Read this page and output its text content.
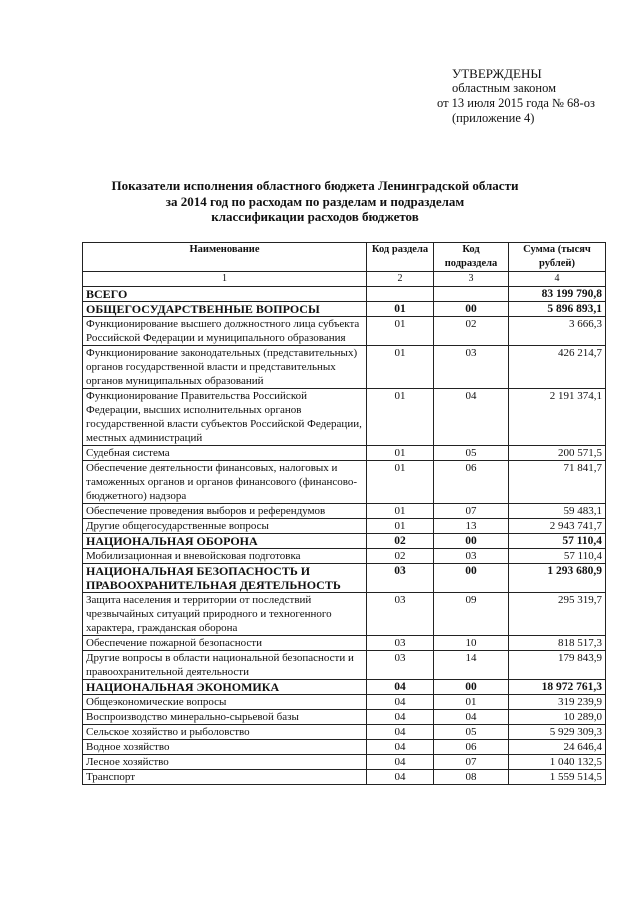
УТВЕРЖДЕНЫ
областным законом
от 13 июля 2015 года № 68-оз
(приложение 4)
Показатели исполнения областного бюджета Ленинградской области
за 2014 год по расходам по разделам и подразделам
классификации расходов бюджетов
Наименование	Код раздела	Код подраздела	Сумма (тысяч рублей)
1	2	3	4
ВСЕГО			83 199 790,8
ОБЩЕГОСУДАРСТВЕННЫЕ ВОПРОСЫ	01	00	5 896 893,1
Функционирование высшего должностного лица субъекта Российской Федерации и муниципального образования	01	02	3 666,3
Функционирование законодательных (представительных) органов государственной власти и представительных органов муниципальных образований	01	03	426 214,7
Функционирование Правительства Российской Федерации, высших исполнительных органов государственной власти субъектов Российской Федерации, местных администраций	01	04	2 191 374,1
Судебная система	01	05	200 571,5
Обеспечение деятельности финансовых, налоговых и таможенных органов и органов финансового (финансово-бюджетного) надзора	01	06	71 841,7
Обеспечение проведения выборов и референдумов	01	07	59 483,1
Другие общегосударственные вопросы	01	13	2 943 741,7
НАЦИОНАЛЬНАЯ ОБОРОНА	02	00	57 110,4
Мобилизационная и вневойсковая подготовка	02	03	57 110,4
НАЦИОНАЛЬНАЯ БЕЗОПАСНОСТЬ И ПРАВООХРАНИТЕЛЬНАЯ ДЕЯТЕЛЬНОСТЬ	03	00	1 293 680,9
Защита населения и территории от последствий чрезвычайных ситуаций природного и техногенного характера, гражданская оборона	03	09	295 319,7
Обеспечение пожарной безопасности	03	10	818 517,3
Другие вопросы в области национальной безопасности и правоохранительной деятельности	03	14	179 843,9
НАЦИОНАЛЬНАЯ ЭКОНОМИКА	04	00	18 972 761,3
Общеэкономические вопросы	04	01	319 239,9
Воспроизводство минерально-сырьевой базы	04	04	10 289,0
Сельское хозяйство и рыболовство	04	05	5 929 309,3
Водное хозяйство	04	06	24 646,4
Лесное хозяйство	04	07	1 040 132,5
Транспорт	04	08	1 559 514,5
